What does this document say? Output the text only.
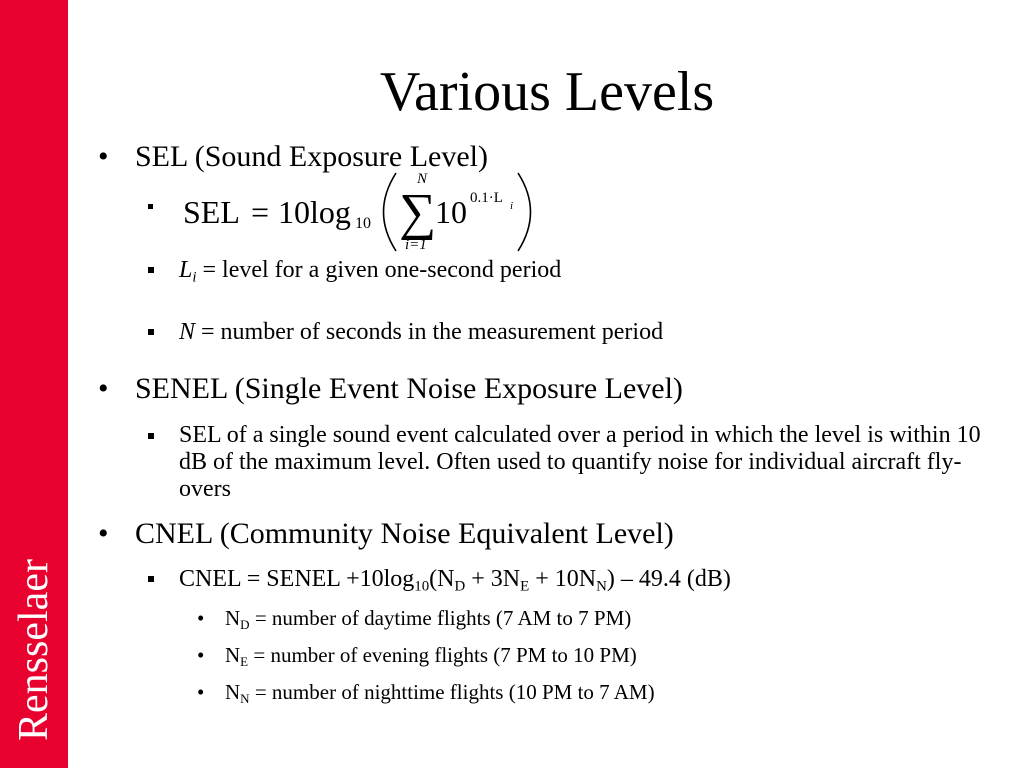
Rensselaer
Various Levels
• SEL (Sound Exposure Level)
SEL = 10log 10
N
∑
i=1
10 0.1·L i
$L_i$ = level for a given one-second period
N = number of seconds in the measurement period
• SENEL (Single Event Noise Exposure Level)
SEL of a single sound event calculated over a period in which the level is within 10 dB of the maximum level. Often used to quantify noise for individual aircraft fly-overs
• CNEL (Community Noise Equivalent Level)
CNEL = SENEL $+10\log_{10}(N_D + 3N_E + 10N_N) - 49.4$ (dB)
• $N_D$ = number of daytime flights (7 AM to 7 PM)
• $N_E$ = number of evening flights (7 PM to 10 PM)
• $N_N$ = number of nighttime flights (10 PM to 7 AM)
